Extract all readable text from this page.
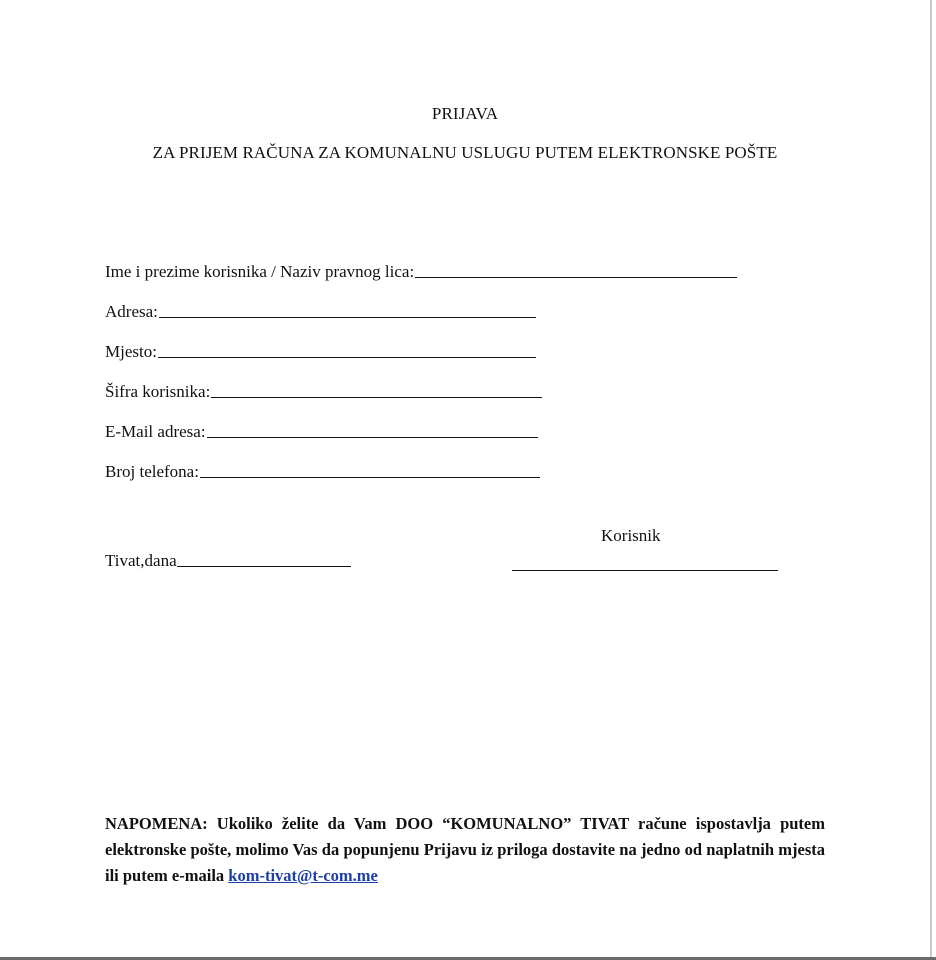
PRIJAVA
ZA PRIJEM RAČUNA ZA KOMUNALNU USLUGU PUTEM ELEKTRONSKE POŠTE
Ime i prezime korisnika / Naziv pravnog lica:
Adresa:
Mjesto:
Šifra korisnika:
E-Mail adresa:
Broj telefona:
Korisnik
Tivat,dana
NAPOMENA: Ukoliko želite da Vam DOO “KOMUNALNO” TIVAT račune ispostavlja putem elektronske pošte, molimo Vas da popunjenu Prijavu iz priloga dostavite na jedno od naplatnih mjesta ili putem e-maila kom-tivat@t-com.me
